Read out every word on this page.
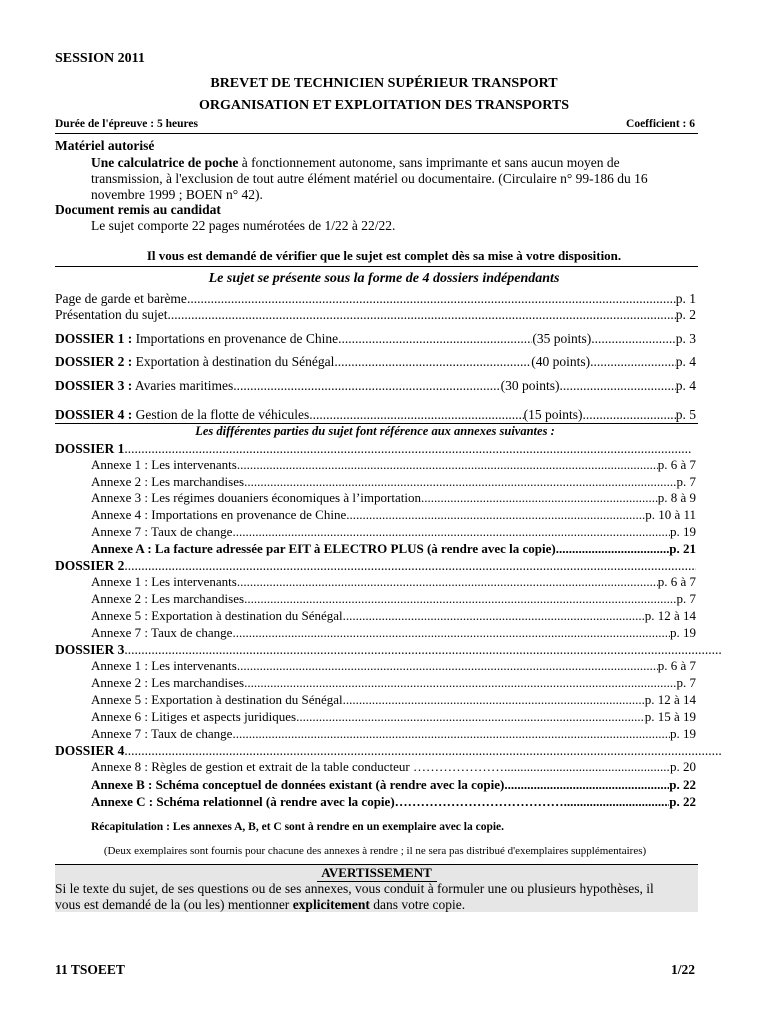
SESSION 2011
BREVET DE TECHNICIEN SUPÉRIEUR TRANSPORT
ORGANISATION ET EXPLOITATION DES TRANSPORTS
Durée de l'épreuve : 5 heures	Coefficient : 6
Matériel autorisé
Une calculatrice de poche à fonctionnement autonome, sans imprimante et sans aucun moyen de
transmission, à l'exclusion de tout autre élément matériel ou documentaire. (Circulaire n° 99-186 du 16
novembre 1999 ; BOEN n° 42).
Document remis au candidat
Le sujet comporte 22 pages numérotées de 1/22 à 22/22.
Il vous est demandé de vérifier que le sujet est complet dès sa mise à votre disposition.
Le sujet se présente sous la forme de 4 dossiers indépendants
Page de garde et barème .....	p. 1
Présentation du sujet .....	p. 2
DOSSIER 1 : Importations en provenance de Chine .....	(35 points) .....	p. 3
DOSSIER 2 : Exportation à destination du Sénégal .....	(40 points) .....	p. 4
DOSSIER 3 : Avaries maritimes .....	(30 points) .....	p. 4
DOSSIER 4 : Gestion de la flotte de véhicules .....	(15 points) .....	p. 5
Les différentes parties du sujet font référence aux annexes suivantes :
DOSSIER 1
.....
Annexe 1 : Les intervenants .....	p. 6 à 7
Annexe 2 : Les marchandises .....	p. 7
Annexe 3 : Les régimes douaniers économiques à l’importation .....	p. 8 à 9
Annexe 4 : Importations en provenance de Chine .....	p. 10 à 11
Annexe 7 : Taux de change .....	p. 19
Annexe A : La facture adressée par EIT à ELECTRO PLUS (à rendre avec la copie) .....	p. 21
DOSSIER 2
.....
Annexe 1 : Les intervenants .....	p. 6 à 7
Annexe 2 : Les marchandises .....	p. 7
Annexe 5 : Exportation à destination du Sénégal .....	p. 12 à 14
Annexe 7 : Taux de change .....	p. 19
DOSSIER 3
.....
Annexe 1 : Les intervenants .....	p. 6 à 7
Annexe 2 : Les marchandises .....	p. 7
Annexe 5 : Exportation à destination du Sénégal .....	p. 12 à 14
Annexe 6 : Litiges et aspects juridiques .....	p. 15 à 19
Annexe 7 : Taux de change .....	p. 19
DOSSIER 4
.....
Annexe 8 : Règles de gestion et extrait de la table conducteur …………………. .....	p. 20
Annexe B : Schéma conceptuel de données existant (à rendre avec la copie) .....	p. 22
Annexe C : Schéma relationnel (à rendre avec la copie)…………………………………. .....	p. 22
Récapitulation : Les annexes A, B, et C sont à rendre en un exemplaire avec la copie.
(Deux exemplaires sont fournis pour chacune des annexes à rendre ; il ne sera pas distribué d'exemplaires supplémentaires)
AVERTISSEMENT
Si le texte du sujet, de ses questions ou de ses annexes, vous conduit à formuler une ou plusieurs hypothèses, il
vous est demandé de la (ou les) mentionner explicitement dans votre copie.
11 TSOEET	1/22
